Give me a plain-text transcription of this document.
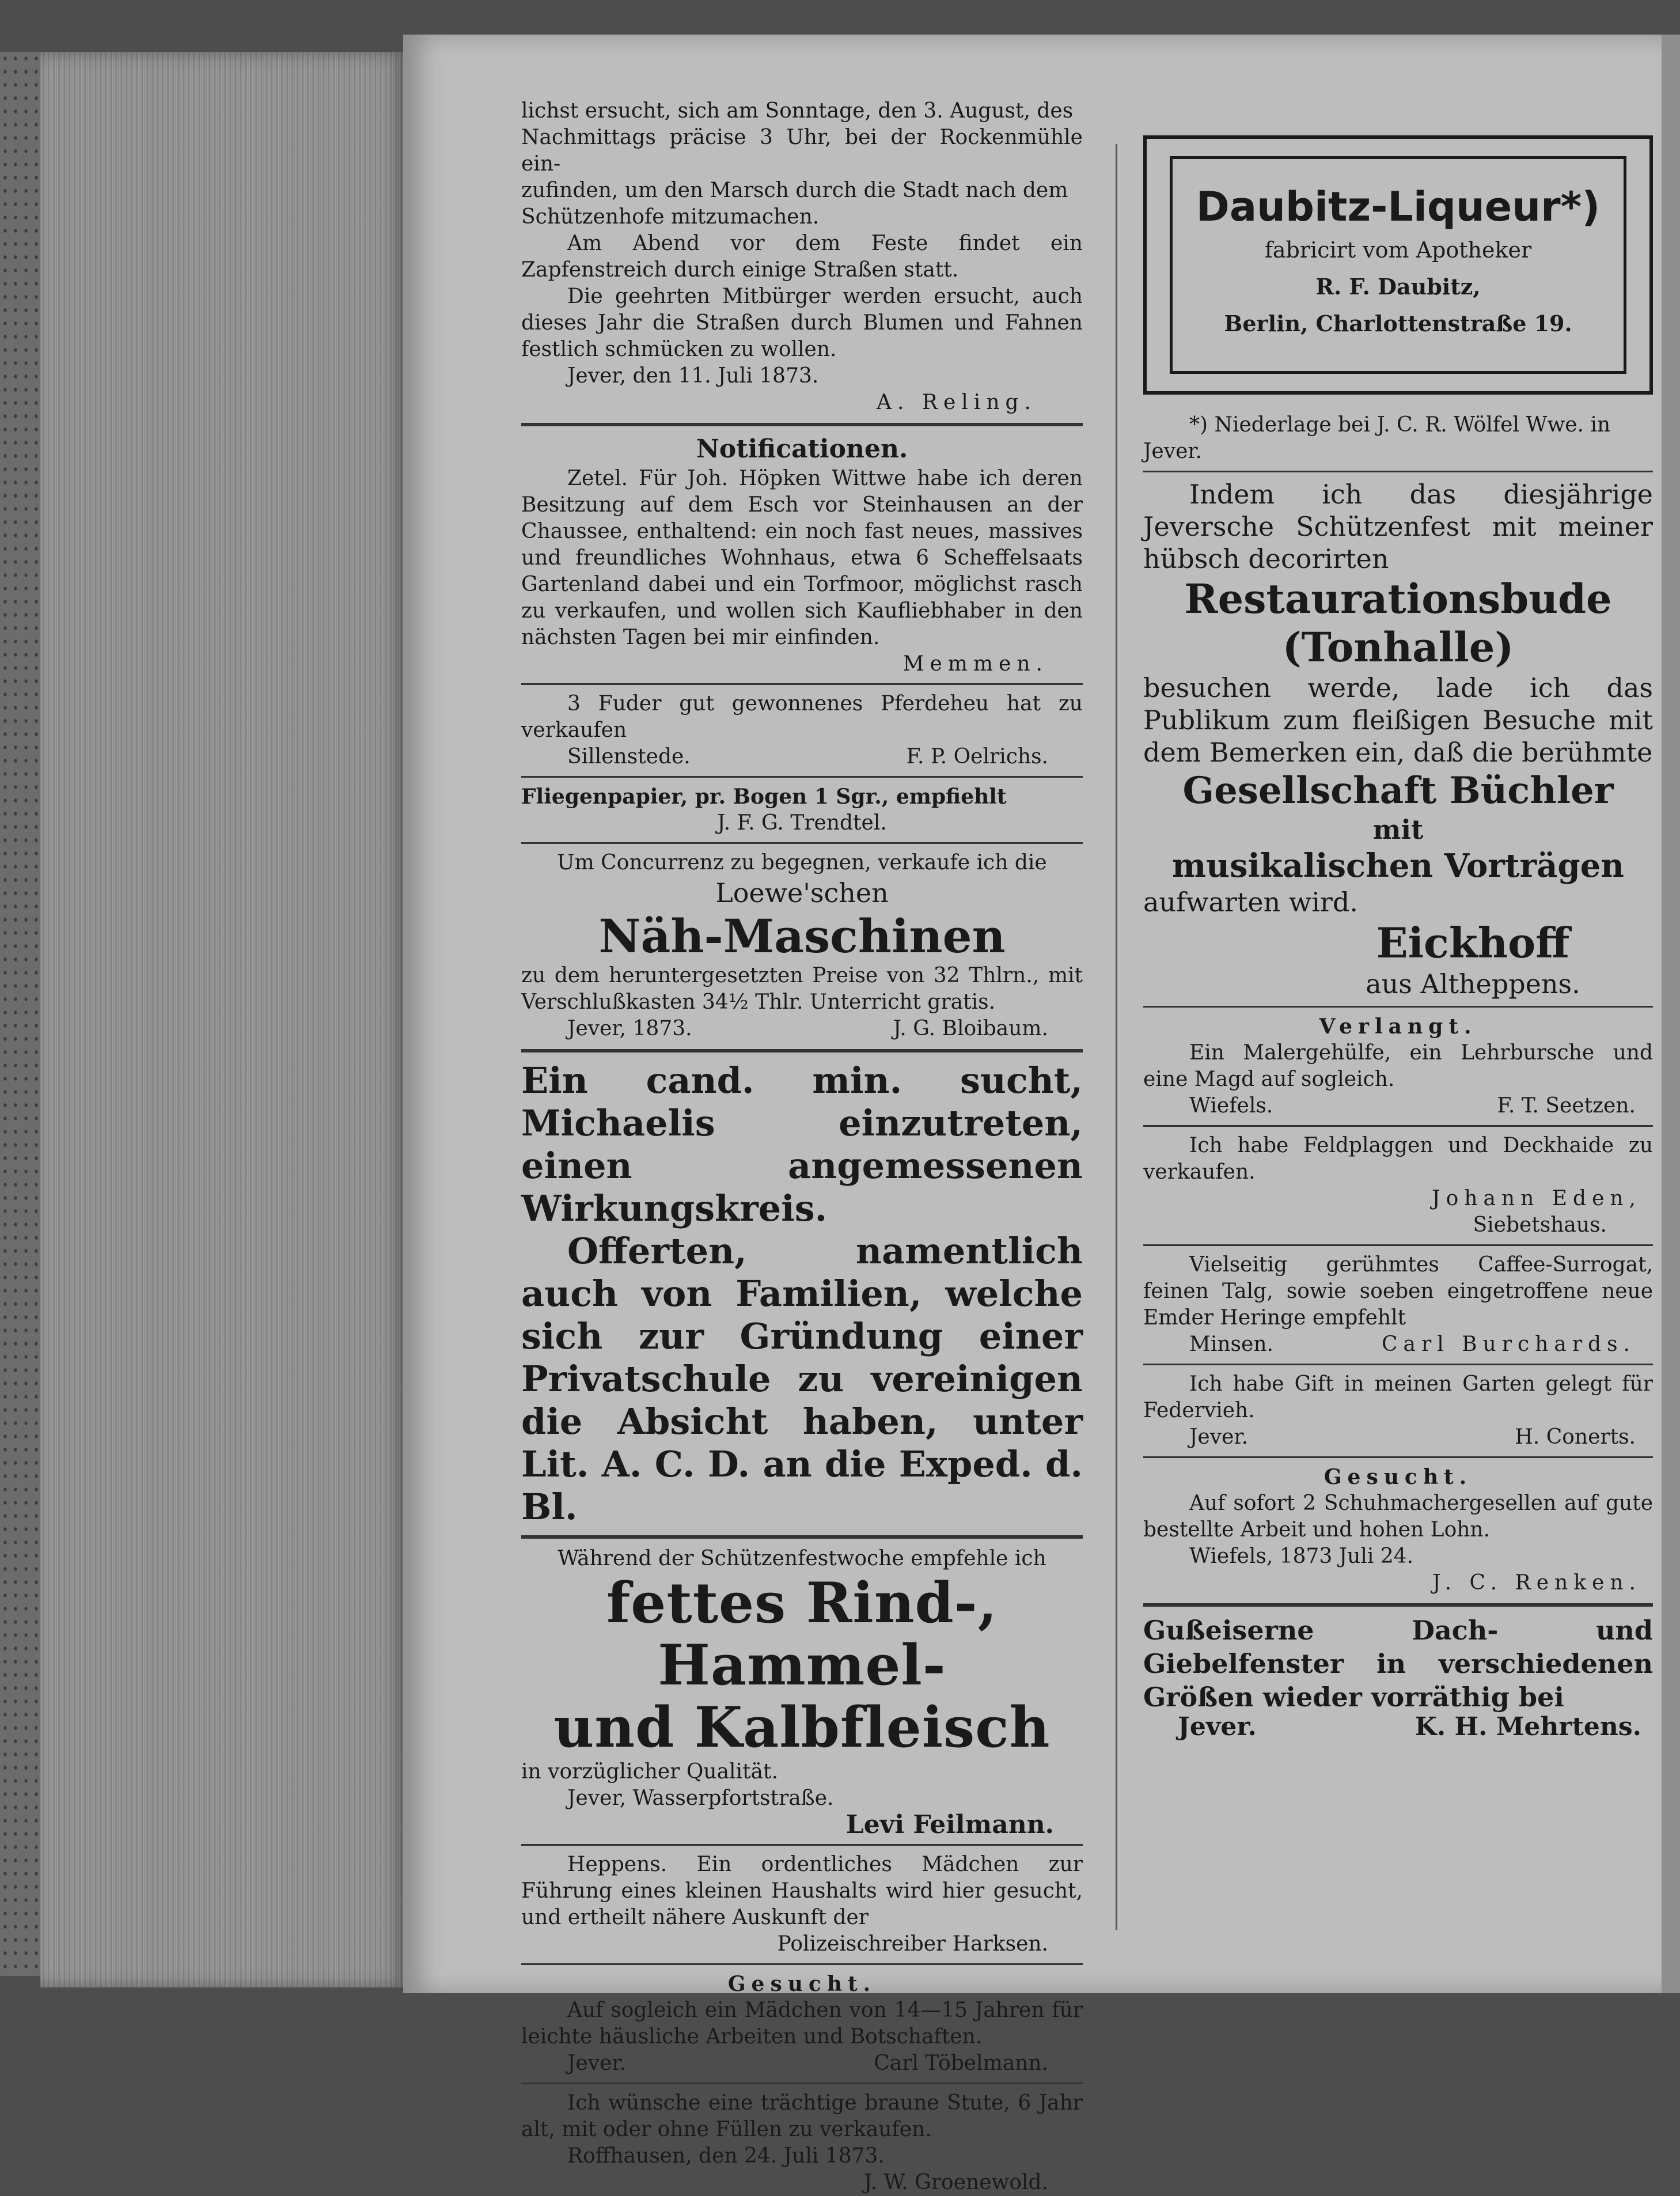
lichst ersucht, sich am Sonntage, den 3. August, des

Nachmittags präcise 3 Uhr, bei der Rockenmühle ein-

zufinden, um den Marsch durch die Stadt nach dem

Schützenhofe mitzumachen.

Am Abend vor dem Feste findet ein Zapfenstreich durch einige Straßen statt.

Die geehrten Mitbürger werden ersucht, auch dieses Jahr die Straßen durch Blumen und Fahnen festlich schmücken zu wollen.

Jever, den 11. Juli 1873.

A. Reling.

Notificationen.

Zetel. Für Joh. Höpken Wittwe habe ich deren Besitzung auf dem Esch vor Steinhausen an der Chaussee, enthaltend: ein noch fast neues, massives und freundliches Wohnhaus, etwa 6 Scheffelsaats Gartenland dabei und ein Torfmoor, möglichst rasch zu verkaufen, und wollen sich Kaufliebhaber in den nächsten Tagen bei mir einfinden.

Memmen.

3 Fuder gut gewonnenes Pferdeheu hat zu verkaufen

Sillenstede.	F. P. Oelrichs.

Fliegenpapier, pr. Bogen 1 Sgr., empfiehlt

J. F. G. Trendtel.

Um Concurrenz zu begegnen, verkaufe ich die

Loewe'schen

Näh-Maschinen

zu dem heruntergesetzten Preise von 32 Thlrn., mit Verschlußkasten 34½ Thlr. Unterricht gratis.

Jever, 1873.	J. G. Bloibaum.

Ein cand. min. sucht, Michaelis einzutreten, einen angemessenen Wirkungskreis.

Offerten, namentlich auch von Familien, welche sich zur Gründung einer Privatschule zu vereinigen die Absicht haben, unter Lit. A. C. D. an die Exped. d. Bl.

Während der Schützenfestwoche empfehle ich

fettes Rind-, Hammel-

und Kalbfleisch

in vorzüglicher Qualität.

Jever, Wasserpfortstraße.

Levi Feilmann.

Heppens. Ein ordentliches Mädchen zur Führung eines kleinen Haushalts wird hier gesucht, und ertheilt nähere Auskunft der

Polizeischreiber Harksen.

Gesucht.

Auf sogleich ein Mädchen von 14—15 Jahren für leichte häusliche Arbeiten und Botschaften.

Jever.	Carl Töbelmann.

Ich wünsche eine trächtige braune Stute, 6 Jahr alt, mit oder ohne Füllen zu verkaufen.

Roffhausen, den 24. Juli 1873.

J. W. Groenewold.

Daubitz-Liqueur*)

fabricirt vom Apotheker

R. F. Daubitz,

Berlin, Charlottenstraße 19.

*) Niederlage bei J. C. R. Wölfel Wwe. in

Jever.

Indem ich das diesjährige Jeversche Schützenfest mit meiner hübsch decorirten

Restaurationsbude

(Tonhalle)

besuchen werde, lade ich das Publikum zum fleißigen Besuche mit dem Bemerken ein, daß die berühmte

Gesellschaft Büchler

mit

musikalischen Vorträgen

aufwarten wird.

Eickhoff

aus Altheppens.

Verlangt.

Ein Malergehülfe, ein Lehrbursche und eine Magd auf sogleich.

Wiefels.	F. T. Seetzen.

Ich habe Feldplaggen und Deckhaide zu verkaufen.

Johann Eden,

Siebetshaus.

Vielseitig gerühmtes Caffee-Surrogat, feinen Talg, sowie soeben eingetroffene neue Emder Heringe empfehlt

Minsen.	Carl Burchards.

Ich habe Gift in meinen Garten gelegt für Federvieh.

Jever.	H. Conerts.

Gesucht.

Auf sofort 2 Schuhmachergesellen auf gute bestellte Arbeit und hohen Lohn.

Wiefels, 1873 Juli 24.

J. C. Renken.

Gußeiserne Dach- und Giebelfenster in verschiedenen Größen wieder vorräthig bei

Jever.	K. H. Mehrtens.
